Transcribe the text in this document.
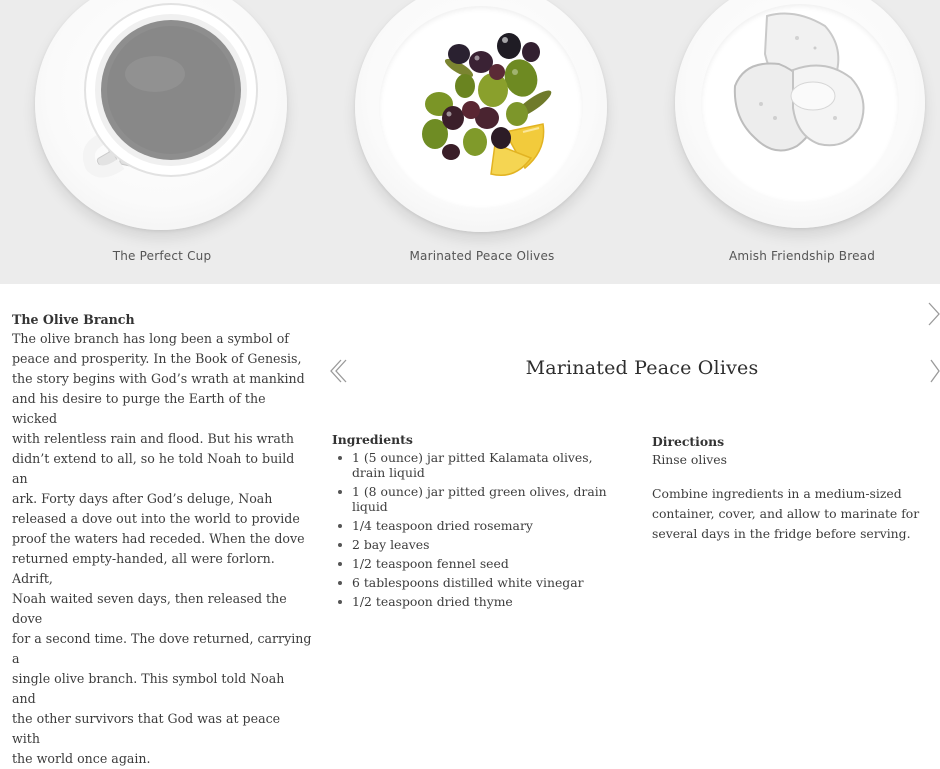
The Perfect Cup	Marinated Peace Olives	Amish Friendship Bread
The Olive Branch
The olive branch has long been a symbol of
peace and prosperity. In the Book of Genesis,
the story begins with God’s wrath at mankind
and his desire to purge the Earth of the wicked
with relentless rain and flood. But his wrath
didn’t extend to all, so he told Noah to build an
ark. Forty days after God’s deluge, Noah
released a dove out into the world to provide
proof the waters had receded. When the dove
returned empty-handed, all were forlorn. Adrift,
Noah waited seven days, then released the dove
for a second time. The dove returned, carrying a
single olive branch. This symbol told Noah and
the other survivors that God was at peace with
the world once again.
Marinated Peace Olives
Ingredients
1 (5 ounce) jar pitted Kalamata olives, drain liquid
1 (8 ounce) jar pitted green olives, drain liquid
1/4 teaspoon dried rosemary
2 bay leaves
1/2 teaspoon fennel seed
6 tablespoons distilled white vinegar
1/2 teaspoon dried thyme
Directions

Rinse olives

Combine ingredients in a medium-sized container, cover, and allow to marinate for several days in the fridge before serving.
